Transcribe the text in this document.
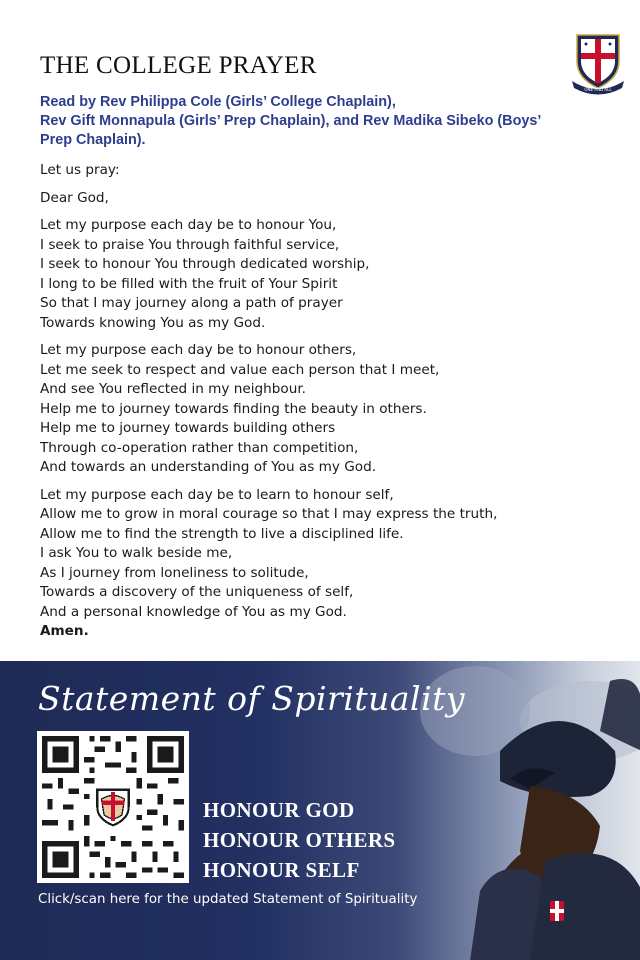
THE COLLEGE PRAYER
ONE AND ALL
Read by Rev Philippa Cole (Girls’ College Chaplain),
Rev Gift Monnapula (Girls’ Prep Chaplain), and Rev Madika Sibeko (Boys’
Prep Chaplain).
Let us pray:
Dear God,
Let my purpose each day be to honour You,
I seek to praise You through faithful service,
I seek to honour You through dedicated worship,
I long to be filled with the fruit of Your Spirit
So that I may journey along a path of prayer
Towards knowing You as my God.
Let my purpose each day be to honour others,
Let me seek to respect and value each person that I meet,
And see You reflected in my neighbour.
Help me to journey towards finding the beauty in others.
Help me to journey towards building others
Through co-operation rather than competition,
And towards an understanding of You as my God.
Let my purpose each day be to learn to honour self,
Allow me to grow in moral courage so that I may express the truth,
Allow me to find the strength to live a disciplined life.
I ask You to walk beside me,
As I journey from loneliness to solitude,
Towards a discovery of the uniqueness of self,
And a personal knowledge of You as my God.
Amen.
Statement of Spirituality
HONOUR GOD
HONOUR OTHERS
HONOUR SELF
Click/scan here for the updated Statement of Spirituality
